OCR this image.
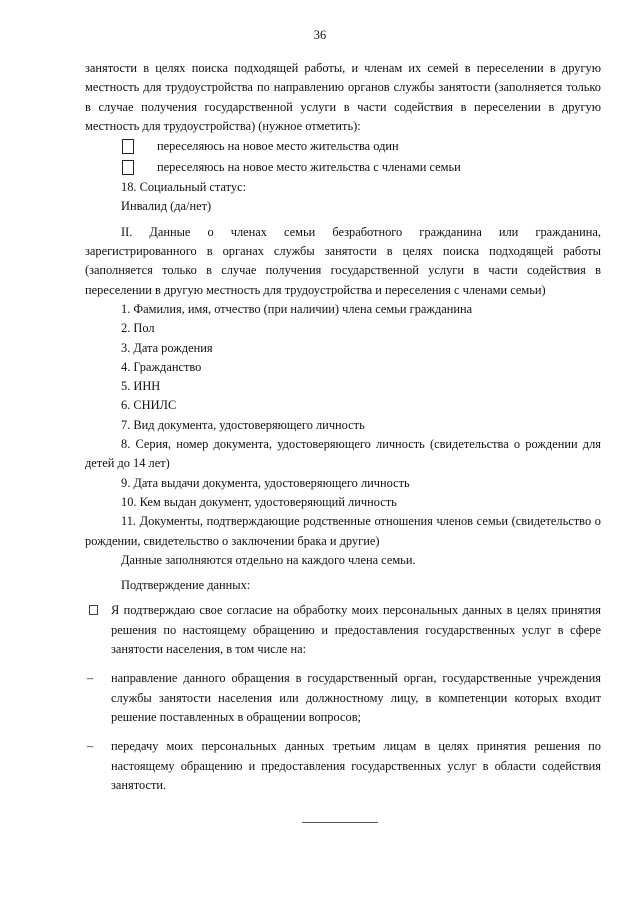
36

занятости в целях поиска подходящей работы, и членам их семей в переселении в другую местность для трудоустройства по направлению органов службы занятости (заполняется только в случае получения государственной услуги в части содействия в переселении в другую местность для трудоустройства) (нужное отметить):

переселяюсь на новое место жительства один
переселяюсь на новое место жительства с членами семьи

18. Социальный статус:

Инвалид (да/нет)

II. Данные о членах семьи безработного гражданина или гражданина, зарегистрированного в органах службы занятости в целях поиска подходящей работы (заполняется только в случае получения государственной услуги в части содействия в переселении в другую местность для трудоустройства и переселения с членами семьи)

1. Фамилия, имя, отчество (при наличии) члена семьи гражданина

2. Пол

3. Дата рождения

4. Гражданство

5. ИНН

6. СНИЛС

7. Вид документа, удостоверяющего личность

8. Серия, номер документа, удостоверяющего личность (свидетельства о рождении для детей до 14 лет)

9. Дата выдачи документа, удостоверяющего личность

10. Кем выдан документ, удостоверяющий личность

11. Документы, подтверждающие родственные отношения членов семьи (свидетельство о рождении, свидетельство о заключении брака и другие)

Данные заполняются отдельно на каждого члена семьи.

Подтверждение данных:

Я подтверждаю свое согласие на обработку моих персональных данных в целях принятия решения по настоящему обращению и предоставления государственных услуг в сфере занятости населения, в том числе на:
– направление данного обращения в государственный орган, государственные учреждения службы занятости населения или должностному лицу, в компетенции которых входит решение поставленных в обращении вопросов;
– передачу моих персональных данных третьим лицам в целях принятия решения по настоящему обращению и предоставления государственных услуг в области содействия занятости.
